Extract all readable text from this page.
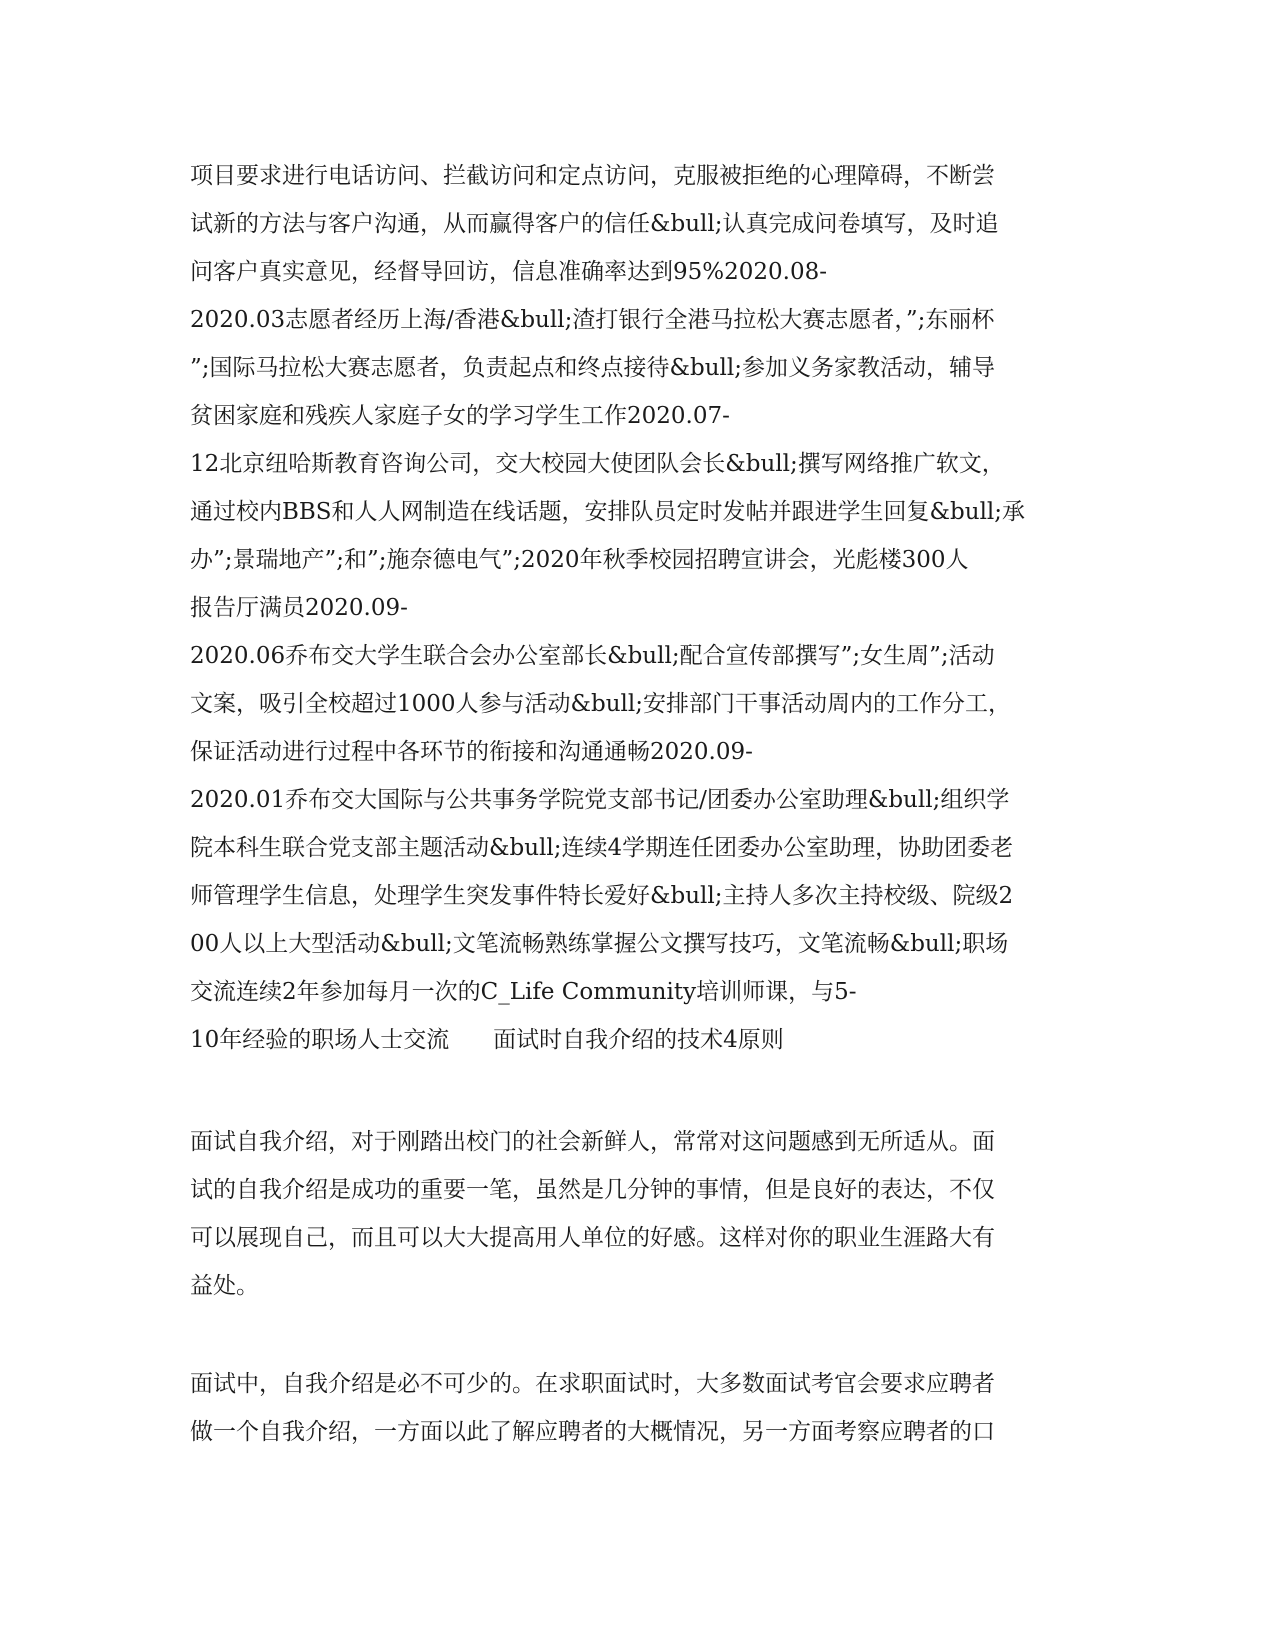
项目要求进行电话访问、拦截访问和定点访问，克服被拒绝的心理障碍，不断尝
试新的方法与客户沟通，从而赢得客户的信任&bull;认真完成问卷填写，及时追
问客户真实意见，经督导回访，信息准确率达到95%2020.08-
2020.03志愿者经历上海/香港&bull;渣打银行全港马拉松大赛志愿者，”;东丽杯
”;国际马拉松大赛志愿者，负责起点和终点接待&bull;参加义务家教活动，辅导
贫困家庭和残疾人家庭子女的学习学生工作2020.07-
12北京纽哈斯教育咨询公司，交大校园大使团队会长&bull;撰写网络推广软文，
通过校内BBS和人人网制造在线话题，安排队员定时发帖并跟进学生回复&bull;承
办”;景瑞地产”;和”;施奈德电气”;2020年秋季校园招聘宣讲会，光彪楼300人
报告厅满员2020.09-
2020.06乔布交大学生联合会办公室部长&bull;配合宣传部撰写”;女生周”;活动
文案，吸引全校超过1000人参与活动&bull;安排部门干事活动周内的工作分工，
保证活动进行过程中各环节的衔接和沟通通畅2020.09-
2020.01乔布交大国际与公共事务学院党支部书记/团委办公室助理&bull;组织学
院本科生联合党支部主题活动&bull;连续4学期连任团委办公室助理，协助团委老
师管理学生信息，处理学生突发事件特长爱好&bull;主持人多次主持校级、院级2
00人以上大型活动&bull;文笔流畅熟练掌握公文撰写技巧，文笔流畅&bull;职场
交流连续2年参加每月一次的C_Life Community培训师课，与5-
10年经验的职场人士交流      面试时自我介绍的技术4原则
面试自我介绍，对于刚踏出校门的社会新鲜人，常常对这问题感到无所适从。面
试的自我介绍是成功的重要一笔，虽然是几分钟的事情，但是良好的表达，不仅
可以展现自己，而且可以大大提高用人单位的好感。这样对你的职业生涯路大有
益处。
面试中，自我介绍是必不可少的。在求职面试时，大多数面试考官会要求应聘者
做一个自我介绍，一方面以此了解应聘者的大概情况，另一方面考察应聘者的口
